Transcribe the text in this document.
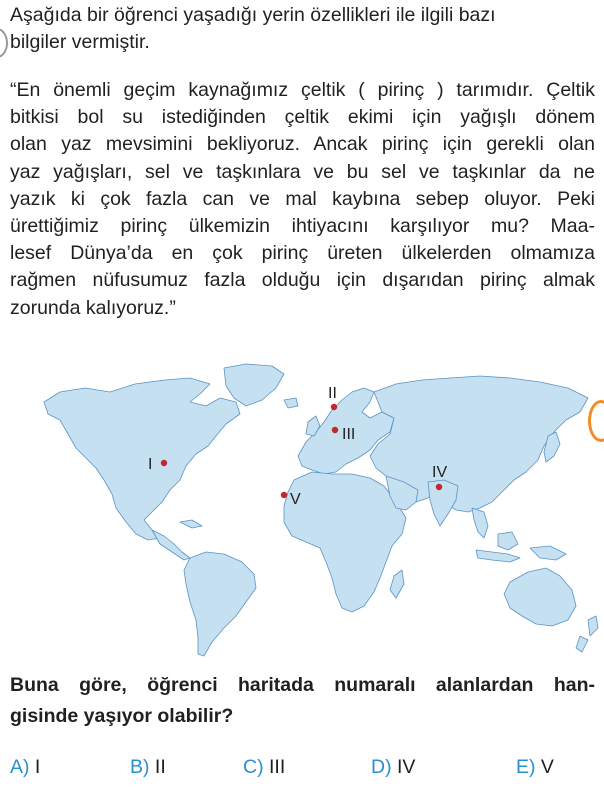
Aşağıda bir öğrenci yaşadığı yerin özellikleri ile ilgili bazı
bilgiler vermiştir.
“En önemli geçim kaynağımız çeltik ( pirinç ) tarımıdır. Çeltik
bitkisi bol su istediğinden çeltik ekimi için yağışlı dönem
olan yaz mevsimini bekliyoruz. Ancak pirinç için gerekli olan
yaz yağışları, sel ve taşkınlara ve bu sel ve taşkınlar da ne
yazık ki çok fazla can ve mal kaybına sebep oluyor. Peki
ürettiğimiz pirinç ülkemizin ihtiyacını karşılıyor mu? Maa-
lesef Dünya’da en çok pirinç üreten ülkelerden olmamıza
rağmen nüfusumuz fazla olduğu için dışarıdan pirinç almak
zorunda kalıyoruz.”
I
II
III
IV
V
Buna göre, öğrenci haritada numaralı alanlardan han-
gisinde yaşıyor olabilir?
A) I	B) II	C) III	D) IV	E) V
